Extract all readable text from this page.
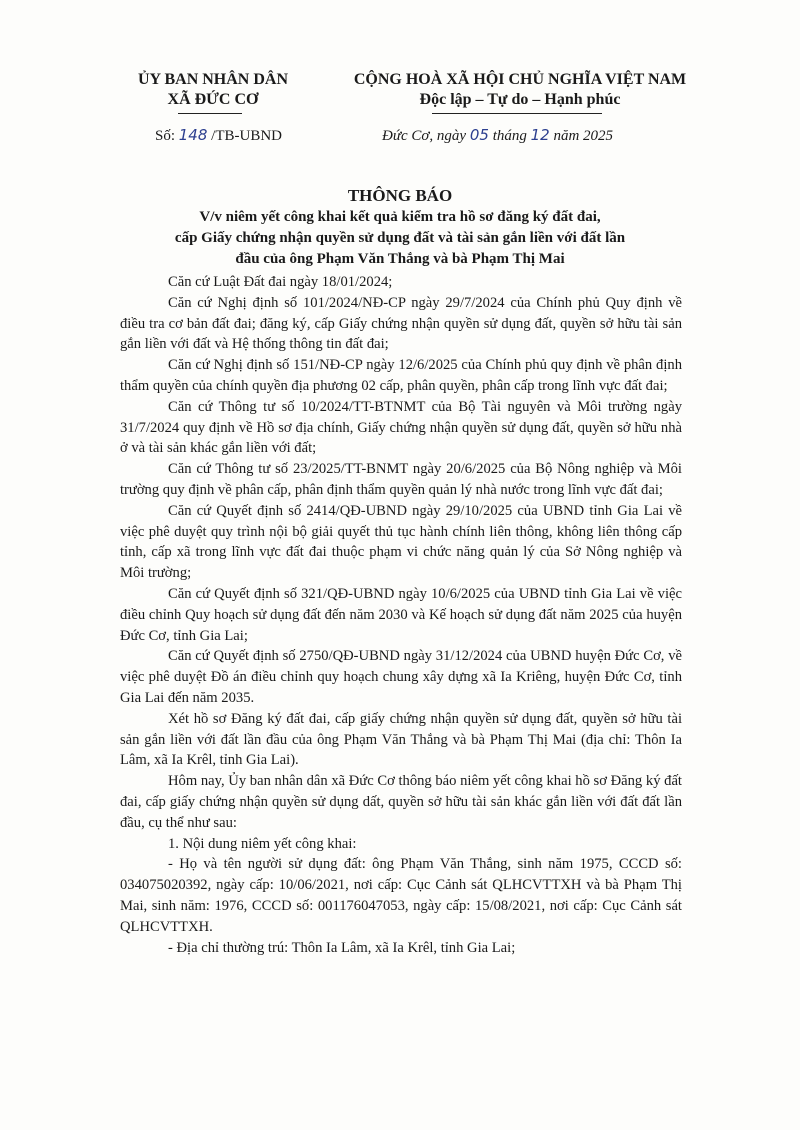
ỦY BAN NHÂN DÂN
XÃ ĐỨC CƠ
CỘNG HOÀ XÃ HỘI CHỦ NGHĨA VIỆT NAM
Độc lập – Tự do – Hạnh phúc
Số: 148 /TB-UBND	Đức Cơ, ngày 05 tháng 12 năm 2025
THÔNG BÁO
V/v niêm yết công khai kết quả kiểm tra hồ sơ đăng ký đất đai,
cấp Giấy chứng nhận quyền sử dụng đất và tài sản gắn liền với đất lần
đầu của ông Phạm Văn Thắng và bà Phạm Thị Mai

Căn cứ Luật Đất đai ngày 18/01/2024;

Căn cứ Nghị định số 101/2024/NĐ-CP ngày 29/7/2024 của Chính phủ Quy định về điều tra cơ bản đất đai; đăng ký, cấp Giấy chứng nhận quyền sử dụng đất, quyền sở hữu tài sản gắn liền với đất và Hệ thống thông tin đất đai;

Căn cứ Nghị định số 151/NĐ-CP ngày 12/6/2025 của Chính phủ quy định về phân định thẩm quyền của chính quyền địa phương 02 cấp, phân quyền, phân cấp trong lĩnh vực đất đai;

Căn cứ Thông tư số 10/2024/TT-BTNMT của Bộ Tài nguyên và Môi trường ngày 31/7/2024 quy định về Hồ sơ địa chính, Giấy chứng nhận quyền sử dụng đất, quyền sở hữu nhà ở và tài sản khác gắn liền với đất;

Căn cứ Thông tư số 23/2025/TT-BNMT ngày 20/6/2025 của Bộ Nông nghiệp và Môi trường quy định về phân cấp, phân định thẩm quyền quản lý nhà nước trong lĩnh vực đất đai;

Căn cứ Quyết định số 2414/QĐ-UBND ngày 29/10/2025 của UBND tỉnh Gia Lai về việc phê duyệt quy trình nội bộ giải quyết thủ tục hành chính liên thông, không liên thông cấp tỉnh, cấp xã trong lĩnh vực đất đai thuộc phạm vi chức năng quản lý của Sở Nông nghiệp và Môi trường;

Căn cứ Quyết định số 321/QĐ-UBND ngày 10/6/2025 của UBND tỉnh Gia Lai về việc điều chỉnh Quy hoạch sử dụng đất đến năm 2030 và Kế hoạch sử dụng đất năm 2025 của huyện Đức Cơ, tỉnh Gia Lai;

Căn cứ Quyết định số 2750/QĐ-UBND ngày 31/12/2024 của UBND huyện Đức Cơ, về việc phê duyệt Đồ án điều chỉnh quy hoạch chung xây dựng xã Ia Kriêng, huyện Đức Cơ, tỉnh Gia Lai đến năm 2035.

Xét hồ sơ Đăng ký đất đai, cấp giấy chứng nhận quyền sử dụng đất, quyền sở hữu tài sản gắn liền với đất lần đầu của ông Phạm Văn Thắng và bà Phạm Thị Mai (địa chỉ: Thôn Ia Lâm, xã Ia Krêl, tỉnh Gia Lai).

Hôm nay, Ủy ban nhân dân xã Đức Cơ thông báo niêm yết công khai hồ sơ Đăng ký đất đai, cấp giấy chứng nhận quyền sử dụng dất, quyền sở hữu tài sản khác gắn liền với đất đất lần đầu, cụ thể như sau:

1. Nội dung niêm yết công khai:

- Họ và tên người sử dụng đất: ông Phạm Văn Thắng, sinh năm 1975, CCCD số: 034075020392, ngày cấp: 10/06/2021, nơi cấp: Cục Cảnh sát QLHCVTTXH và bà Phạm Thị Mai, sinh năm: 1976, CCCD số: 001176047053, ngày cấp: 15/08/2021, nơi cấp: Cục Cảnh sát QLHCVTTXH.

- Địa chỉ thường trú: Thôn Ia Lâm, xã Ia Krêl, tỉnh Gia Lai;
